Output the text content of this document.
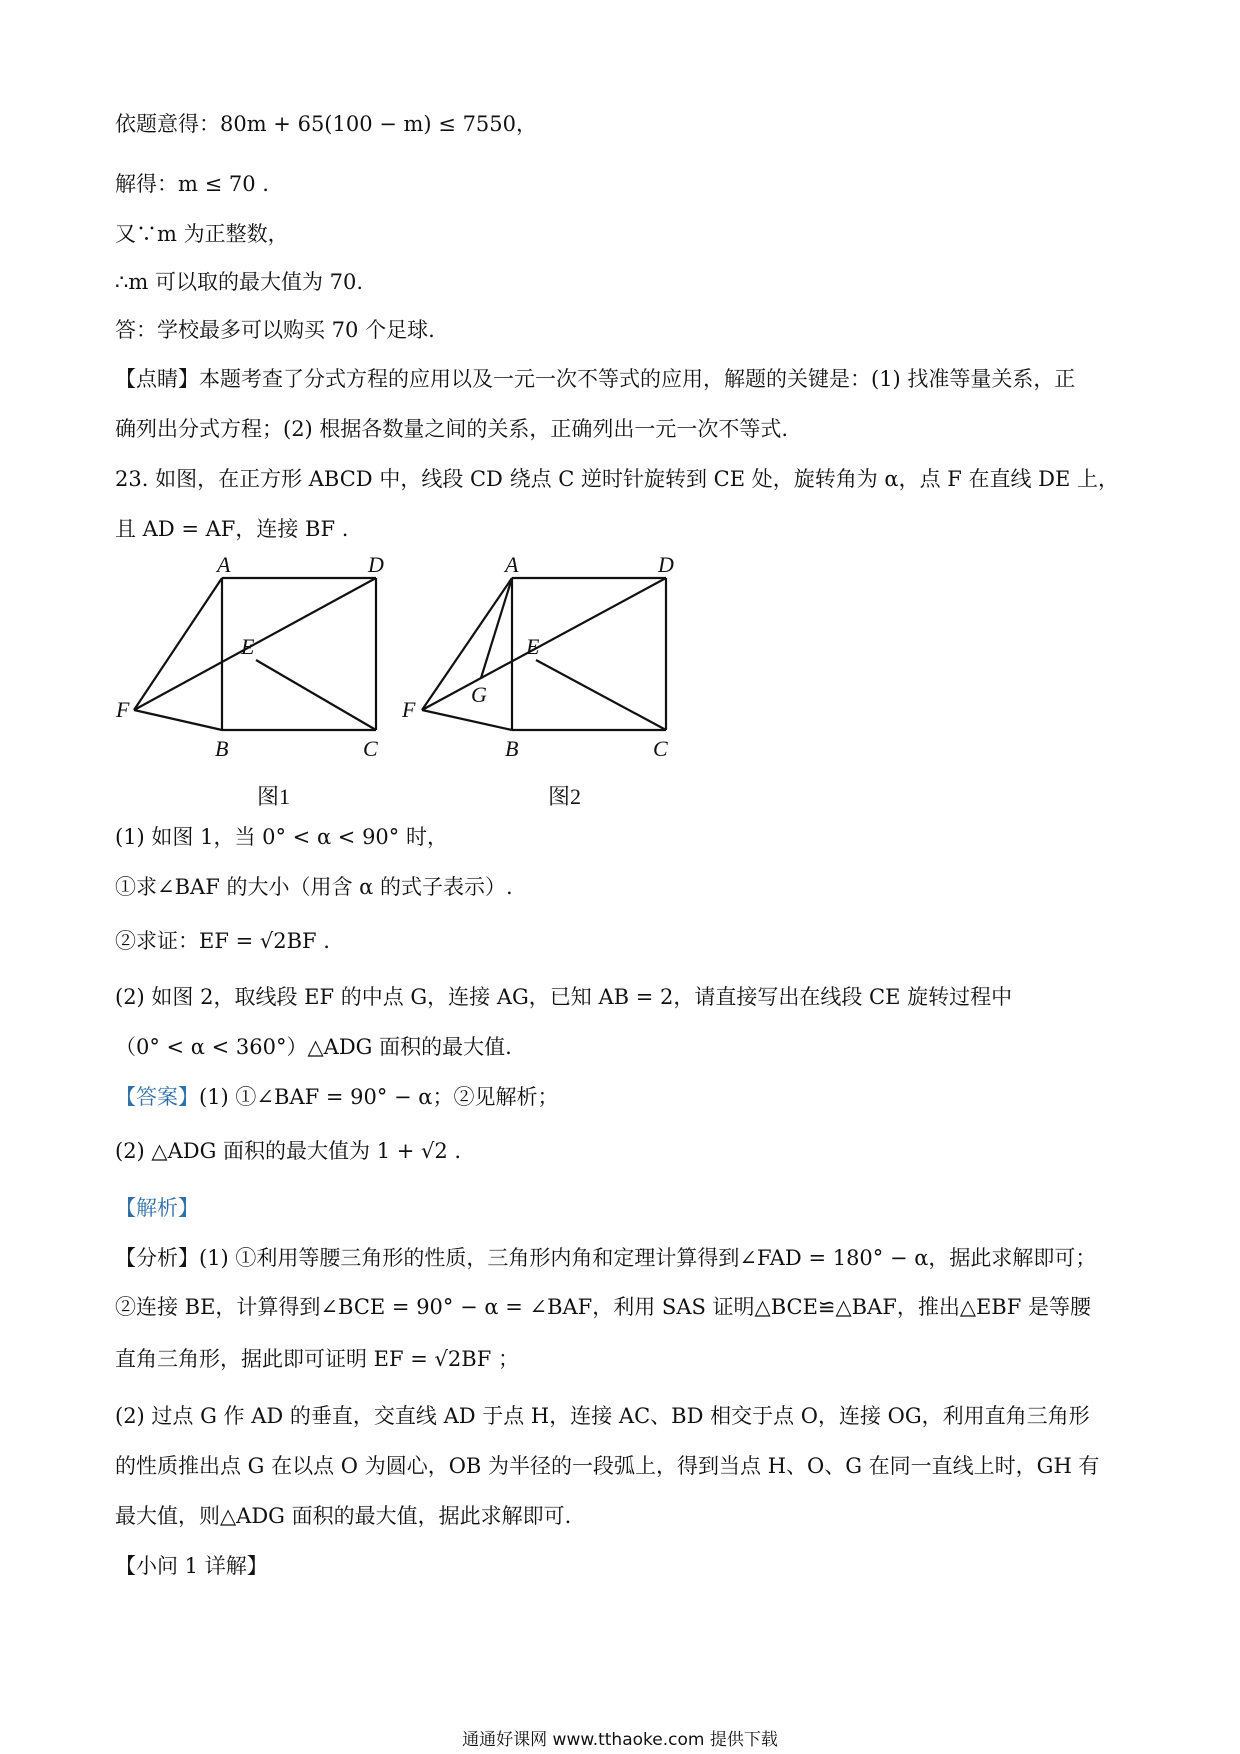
依题意得：80m + 65(100 − m) ≤ 7550，
解得：m ≤ 70 .
又∵m 为正整数，
∴m 可以取的最大值为 70.
答：学校最多可以购买 70 个足球.
【点睛】本题考查了分式方程的应用以及一元一次不等式的应用，解题的关键是：(1) 找准等量关系，正
确列出分式方程；(2) 根据各数量之间的关系，正确列出一元一次不等式.
23. 如图，在正方形 ABCD 中，线段 CD 绕点 C 逆时针旋转到 CE 处，旋转角为 α，点 F 在直线 DE 上，
且 AD = AF，连接 BF .
A	D
E
F
B	C
图1
A	D
E
G
F
B	C
图2
(1) 如图 1，当 0° < α < 90° 时，
①求∠BAF 的大小（用含 α 的式子表示）.
②求证：EF = √2BF .
(2) 如图 2，取线段 EF 的中点 G，连接 AG，已知 AB = 2，请直接写出在线段 CE 旋转过程中
（0° < α < 360°）△ADG 面积的最大值.
【答案】(1) ①∠BAF = 90° − α；②见解析；
(2) △ADG 面积的最大值为 1 + √2 .
【解析】
【分析】(1) ①利用等腰三角形的性质，三角形内角和定理计算得到∠FAD = 180° − α，据此求解即可；
②连接 BE，计算得到∠BCE = 90° − α = ∠BAF，利用 SAS 证明△BCE≌△BAF，推出△EBF 是等腰
直角三角形，据此即可证明 EF = √2BF ；
(2) 过点 G 作 AD 的垂直，交直线 AD 于点 H，连接 AC、BD 相交于点 O，连接 OG，利用直角三角形
的性质推出点 G 在以点 O 为圆心，OB 为半径的一段弧上，得到当点 H、O、G 在同一直线上时，GH 有
最大值，则△ADG 面积的最大值，据此求解即可.
【小问 1 详解】
通通好课网 www.tthaoke.com 提供下载
